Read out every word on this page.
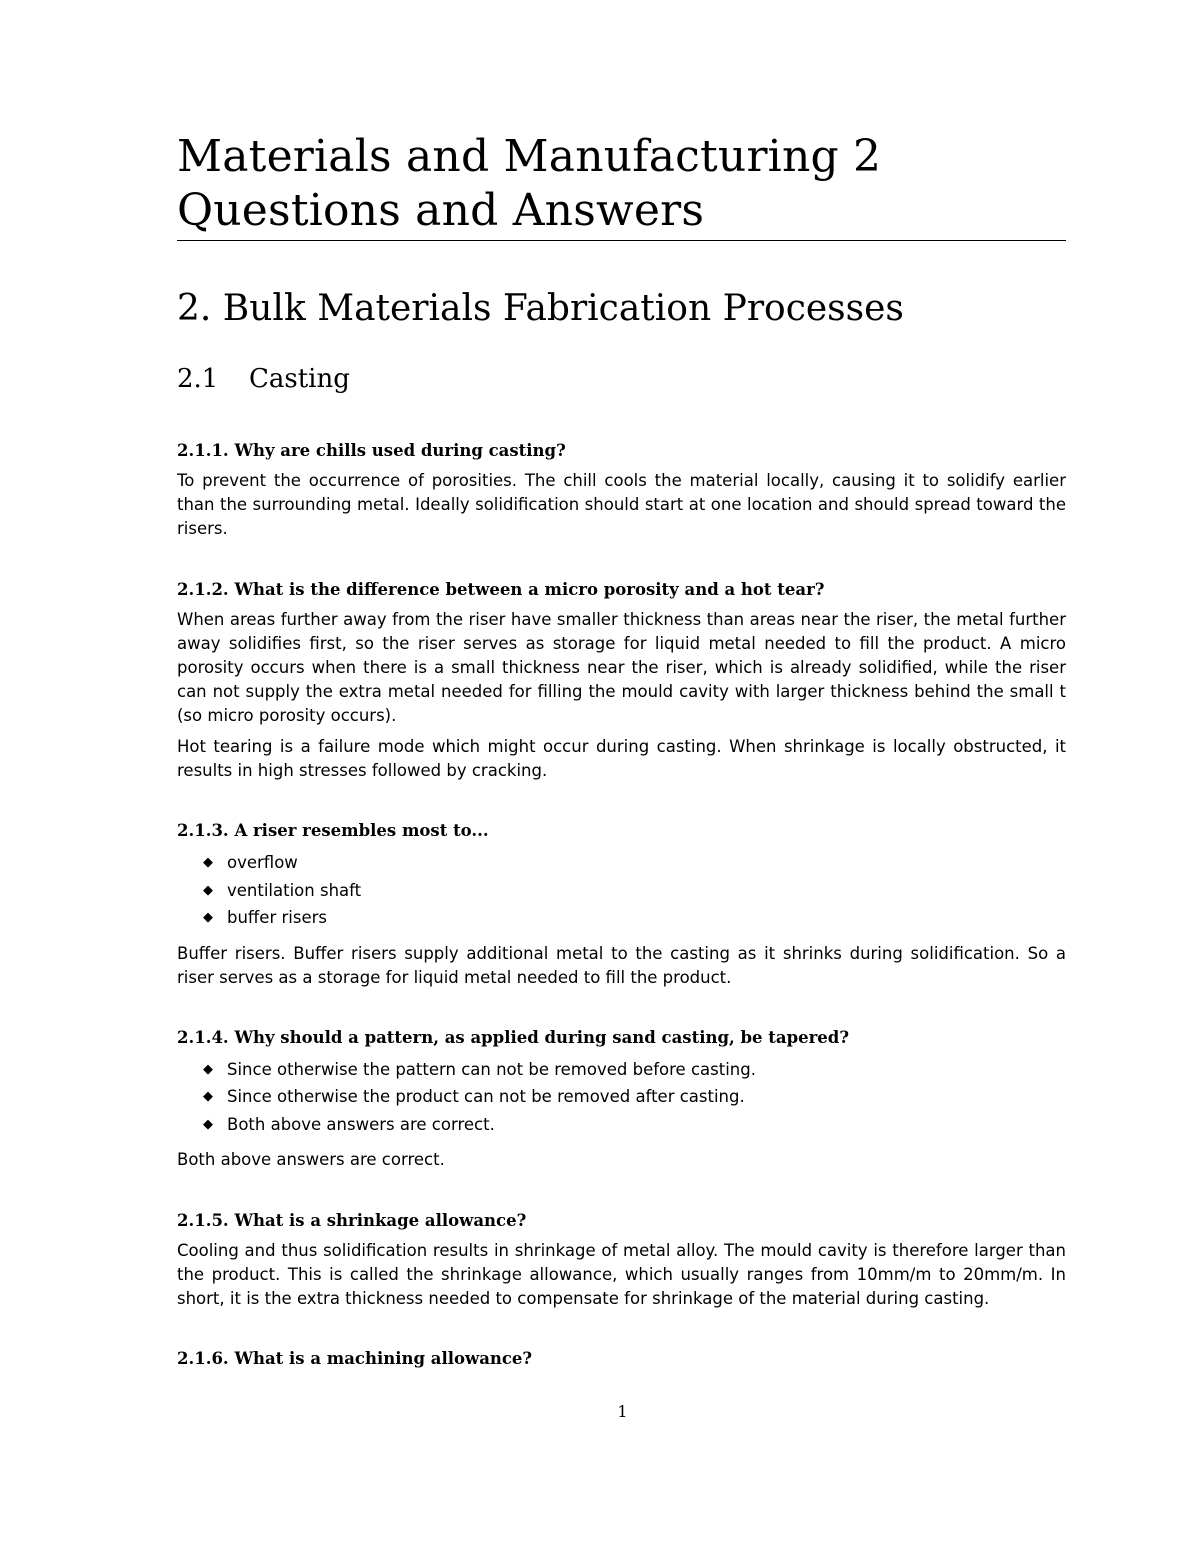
Materials and Manufacturing 2
Questions and Answers
2. Bulk Materials Fabrication Processes
2.1 Casting
2.1.1. Why are chills used during casting?

To prevent the occurrence of porosities. The chill cools the material locally, causing it to solidify earlier than the surrounding metal. Ideally solidification should start at one location and should spread toward the risers.

2.1.2. What is the difference between a micro porosity and a hot tear?

When areas further away from the riser have smaller thickness than areas near the riser, the metal further away solidifies first, so the riser serves as storage for liquid metal needed to fill the product. A micro porosity occurs when there is a small thickness near the riser, which is already solidified, while the riser can not supply the extra metal needed for filling the mould cavity with larger thickness behind the small t (so micro porosity occurs).

Hot tearing is a failure mode which might occur during casting. When shrinkage is locally obstructed, it results in high stresses followed by cracking.

2.1.3. A riser resembles most to...
◆ overflow
◆ ventilation shaft
◆ buffer risers

Buffer risers. Buffer risers supply additional metal to the casting as it shrinks during solidification. So a riser serves as a storage for liquid metal needed to fill the product.

2.1.4. Why should a pattern, as applied during sand casting, be tapered?
◆ Since otherwise the pattern can not be removed before casting.
◆ Since otherwise the product can not be removed after casting.
◆ Both above answers are correct.

Both above answers are correct.

2.1.5. What is a shrinkage allowance?

Cooling and thus solidification results in shrinkage of metal alloy. The mould cavity is therefore larger than the product. This is called the shrinkage allowance, which usually ranges from 10mm/m to 20mm/m. In short, it is the extra thickness needed to compensate for shrinkage of the material during casting.

2.1.6. What is a machining allowance?
1
